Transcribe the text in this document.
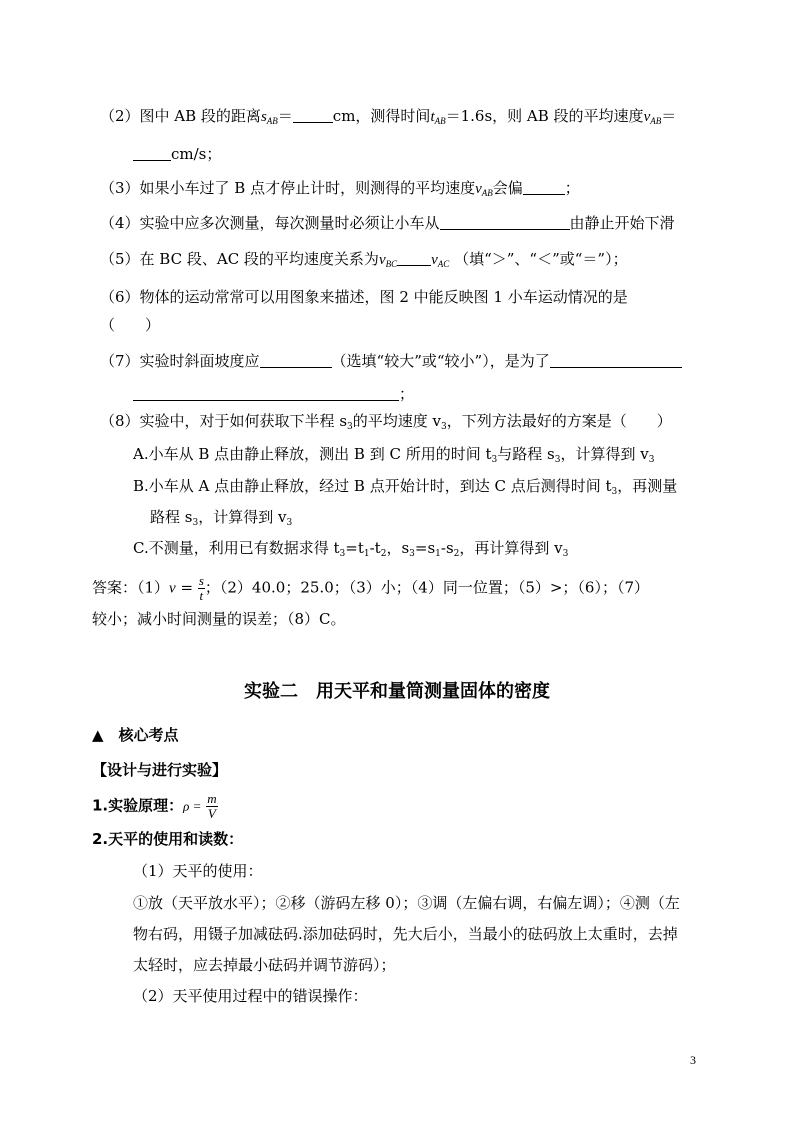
（2）图中 AB 段的距离$s_{AB}=$	cm，测得时间$t_{AB}=1.6s$，则 AB 段的平均速度$v_{AB}=$
cm/s；
（3）如果小车过了 B 点才停止计时，则测得的平均速度$v_{AB}$会偏	；
（4）实验中应多次测量，每次测量时必须让小车从	由静止开始下滑
（5）在 BC 段、AC 段的平均速度关系为$v_{BC}$ $v_{AC}$ （填“＞”、“＜”或“＝”）；
（6）物体的运动常常可以用图象来描述，图 2 中能反映图 1 小车运动情况的是
（　　）
（7）实验时斜面坡度应	（选填“较大”或“较小”），是为了
；
（8）实验中，对于如何获取下半程 $s_3$的平均速度 $v_3$，下列方法最好的方案是（　　）
A.小车从 B 点由静止释放，测出 B 到 C 所用的时间 $t_3$与路程 $s_3$，计算得到 $v_3$
B.小车从 A 点由静止释放，经过 B 点开始计时，到达 C 点后测得时间 $t_3$，再测量
路程 $s_3$，计算得到 $v_3$
C.不测量，利用已有数据求得 $t_3=t_1-t_2$，$s_3=s_1-s_2$，再计算得到 $v_3$
答案：$(1)v = \frac{s}{t}$ ；（2）40.0；25.0；（3）小；（4）同一位置；（5）>；（6）；（7）
较小；减小时间测量的误差；（8）C。
实验二　用天平和量筒测量固体的密度
▲　核心考点
【设计与进行实验】
1.实验原理：$\rho = \frac{m}{V}$
2.天平的使用和读数：
（1）天平的使用：
①放（天平放水平）；②移（游码左移 0）；③调（左偏右调，右偏左调）；④测（左
物右码，用镊子加减砝码.添加砝码时，先大后小，当最小的砝码放上太重时，去掉
太轻时，应去掉最小砝码并调节游码）；
（2）天平使用过程中的错误操作：
3
